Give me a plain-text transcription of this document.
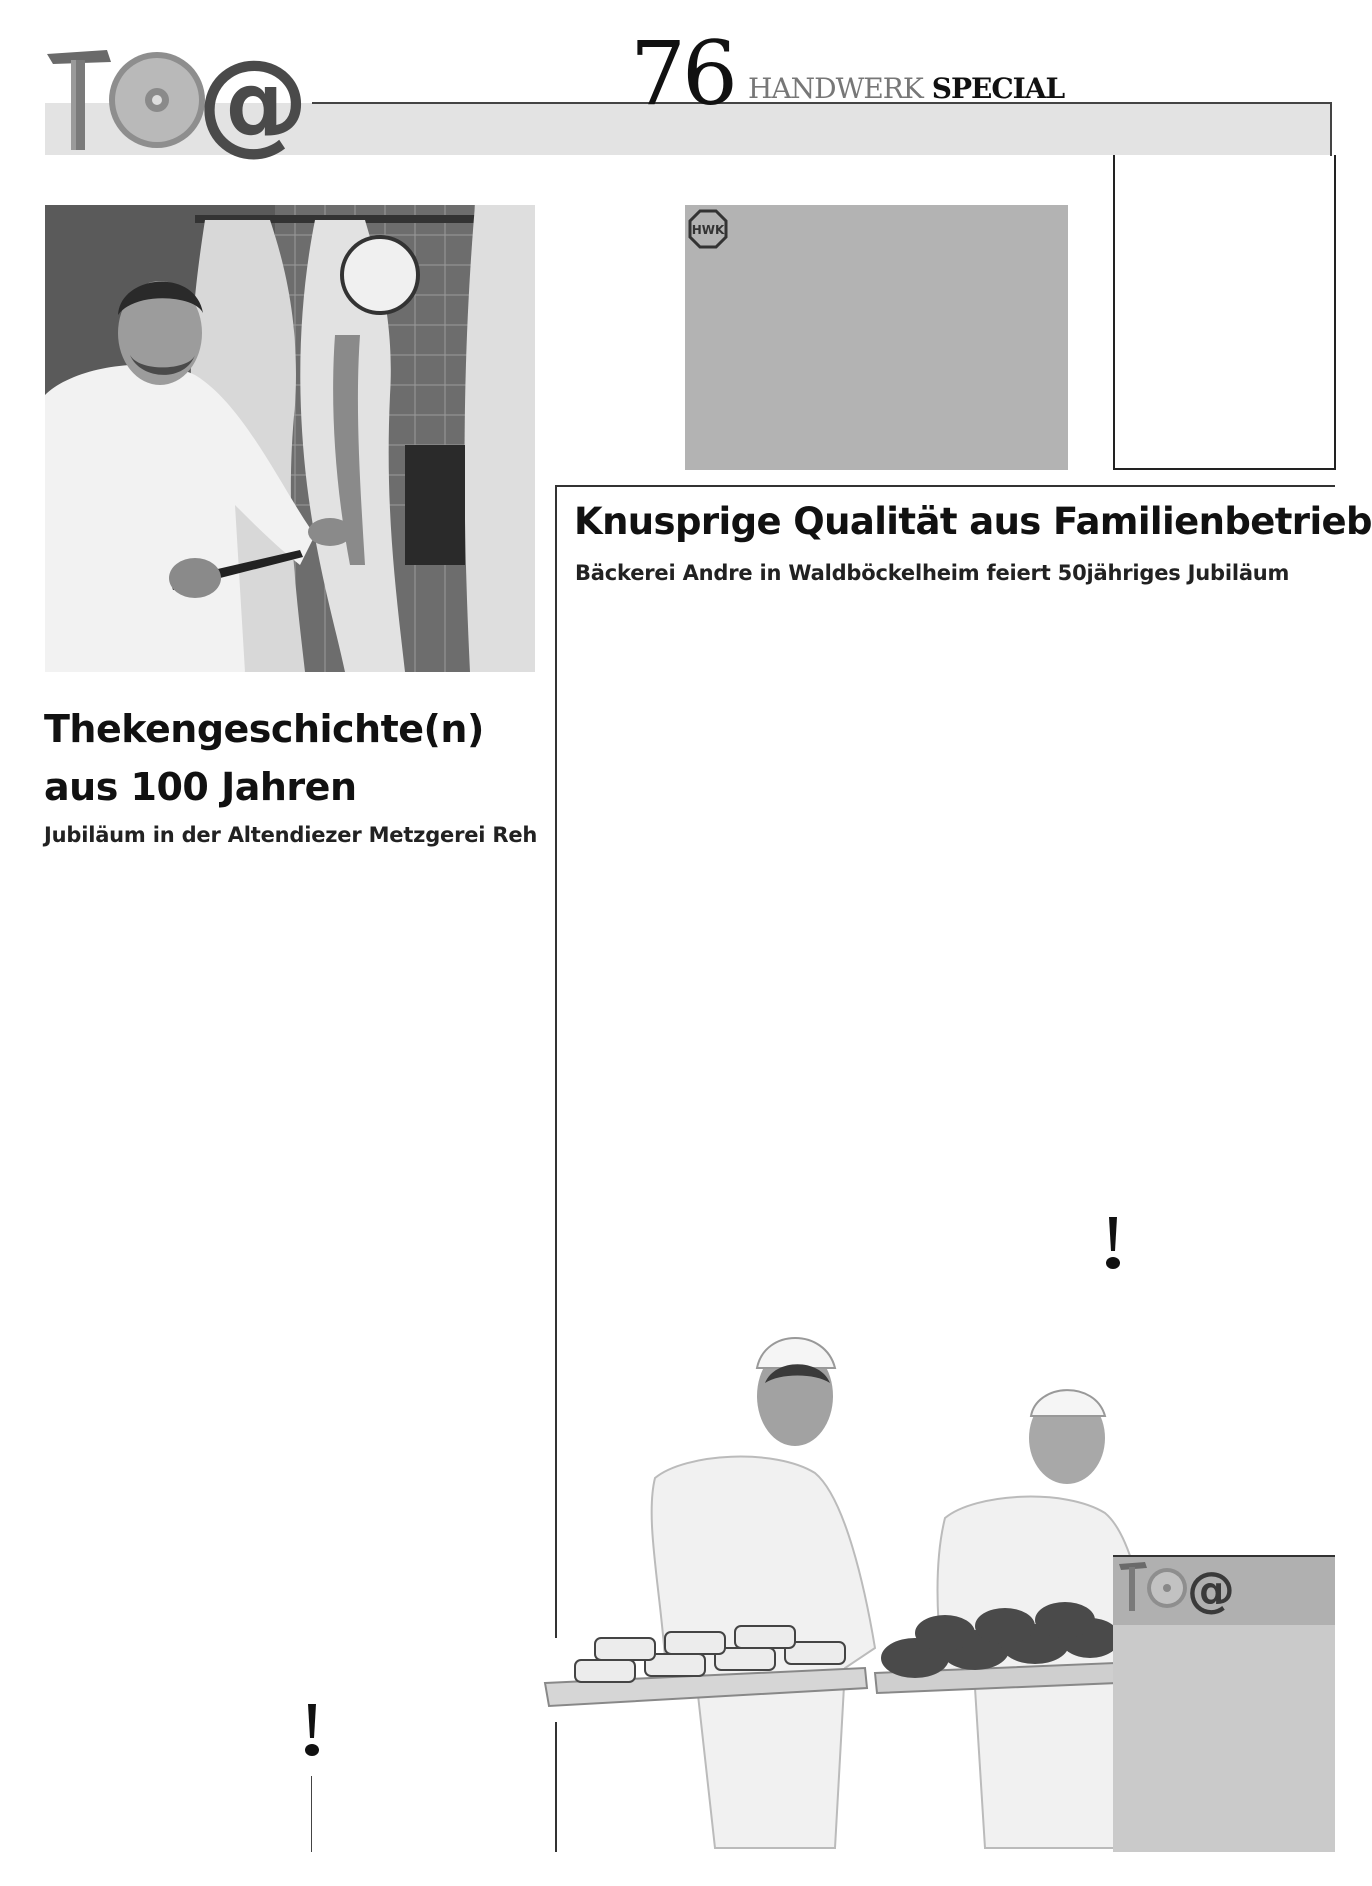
@	76 HANDWERK SPECIAL
HWK
Thekengeschichte(n)
aus 100 Jahren
Jubiläum in der Altendiezer Metzgerei Reh
Knusprige Qualität aus Familienbetrieb
Bäckerei Andre in Waldböckelheim feiert 50jähriges Jubiläum
@
